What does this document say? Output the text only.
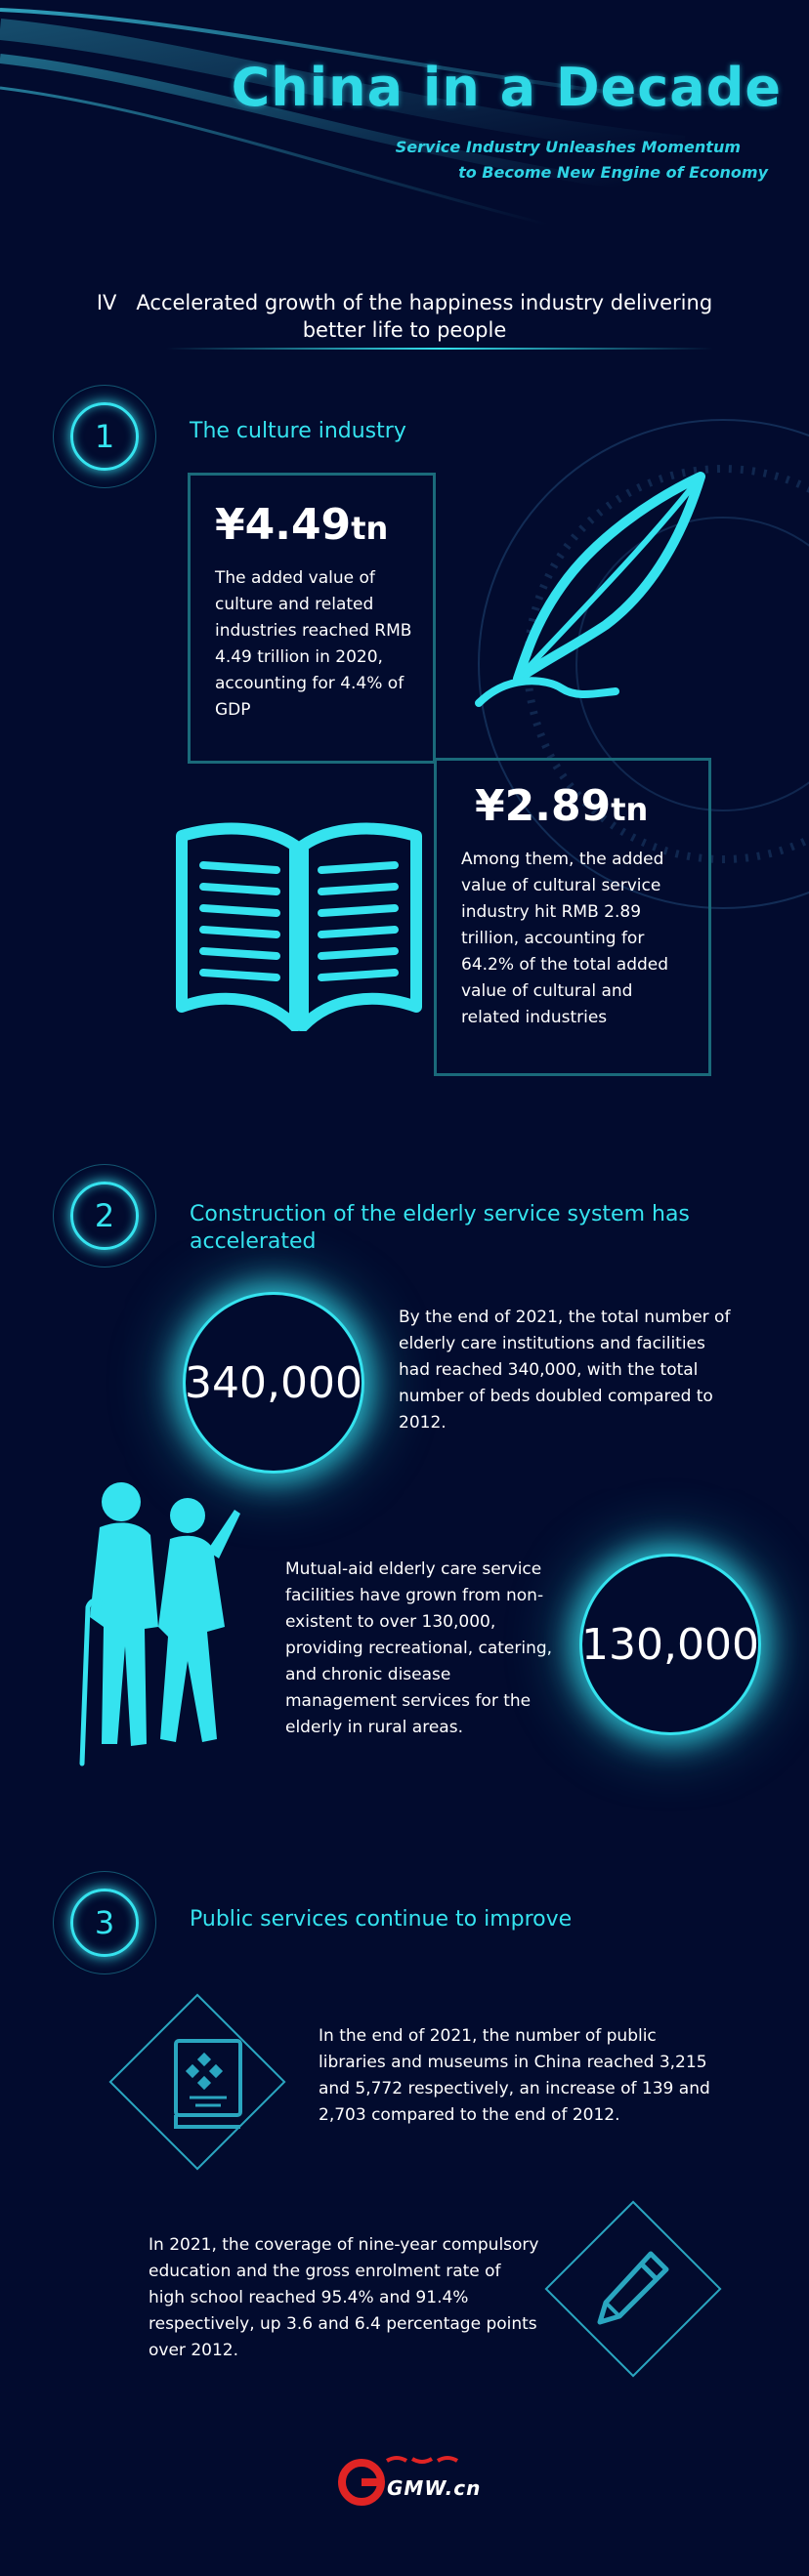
China in a Decade
Service Industry Unleashes Momentum
to Become New Engine of Economy
IV Accelerated growth of the happiness industry delivering
better life to people
1	The culture industry
¥4.49tn
The added value of culture and related industries reached RMB 4.49 trillion in 2020, accounting for 4.4% of GDP
¥2.89tn
Among them, the added value of cultural service industry hit RMB 2.89 trillion, accounting for 64.2% of the total added value of cultural and related industries
2	Construction of the elderly service system has
accelerated
340,000
By the end of 2021, the total number of elderly care institutions and facilities had reached 340,000, with the total number of beds doubled compared to 2012.
Mutual-aid elderly care service facilities have grown from non-existent to over 130,000, providing recreational, catering, and chronic disease management services for the elderly in rural areas.
130,000
3	Public services continue to improve
In the end of 2021, the number of public libraries and museums in China reached 3,215 and 5,772 respectively, an increase of 139 and 2,703 compared to the end of 2012.
In 2021, the coverage of nine-year compulsory education and the gross enrolment rate of high school reached 95.4% and 91.4% respectively, up 3.6 and 6.4 percentage points over 2012.
GMW.cn
